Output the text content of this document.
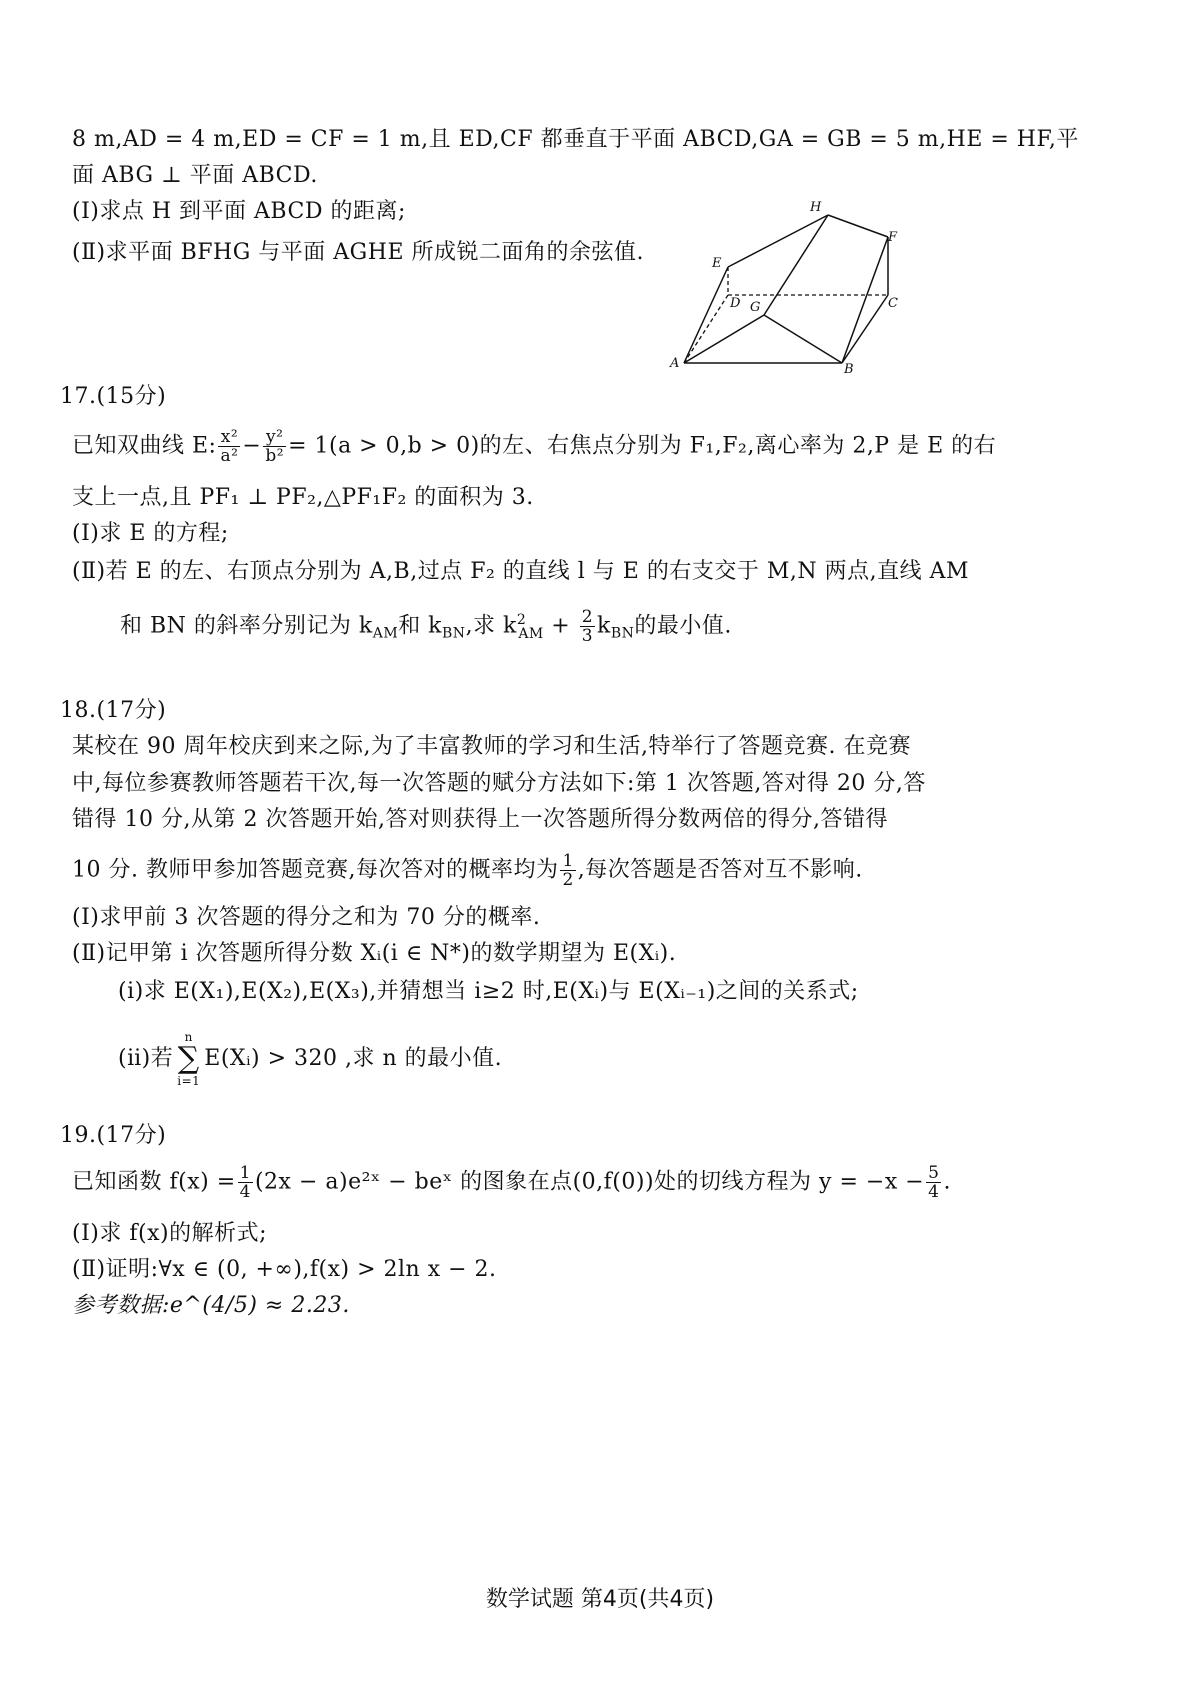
8 m,AD = 4 m,ED = CF = 1 m,且 ED,CF 都垂直于平面 ABCD,GA = GB = 5 m,HE = HF,平
面 ABG ⊥ 平面 ABCD.
(Ⅰ)求点 H 到平面 ABCD 的距离;
(Ⅱ)求平面 BFHG 与平面 AGHE 所成锐二面角的余弦值.
H
E
F
D G	C
A	B
17.(15分)
已知双曲线 E: $\frac{\text{x²}}{\text{a²}} - \frac{\text{y²}}{\text{b²}} = 1(a > 0,b > 0)$的左、右焦点分别为 F₁,F₂,离心率为 2,P 是 E 的右
支上一点,且 PF₁ ⊥ PF₂,△PF₁F₂ 的面积为 3.
(Ⅰ)求 E 的方程;
(Ⅱ)若 E 的左、右顶点分别为 A,B,过点 F₂ 的直线 l 与 E 的右支交于 M,N 两点,直线 AM
和 BN 的斜率分别记为 $k_{AM}$和 $k_{BN}$,求 $k^2_{AM} + \frac{2}{3} k_{BN}$的最小值.
18.(17分)
某校在 90 周年校庆到来之际,为了丰富教师的学习和生活,特举行了答题竞赛. 在竞赛
中,每位参赛教师答题若干次,每一次答题的赋分方法如下:第 1 次答题,答对得 20 分,答
错得 10 分,从第 2 次答题开始,答对则获得上一次答题所得分数两倍的得分,答错得
10 分. 教师甲参加答题竞赛,每次答对的概率均为 $\frac{1}{2}$ ,每次答题是否答对互不影响.
(Ⅰ)求甲前 3 次答题的得分之和为 70 分的概率.
(Ⅱ)记甲第 i 次答题所得分数 Xᵢ(i ∈ N*)的数学期望为 E(Xᵢ).
(ⅰ)求 E(X₁),E(X₂),E(X₃),并猜想当 i≥2 时,E(Xᵢ)与 E(Xᵢ₋₁)之间的关系式;
(ⅱ)若
n
∑
i=1
E(Xᵢ) > 320 ,求 n 的最小值.
19.(17分)
已知函数 $f(x) = \frac{1}{4} (2x$ − a)e²ˣ − beˣ 的图象在点(0,f(0))处的切线方程为 $y = -x - \frac{5}{4}$ .
(Ⅰ)求 f(x)的解析式;
(Ⅱ)证明:∀x ∈ (0, +∞),f(x) > 2ln x − 2.
参考数据:e^(4/5) ≈ 2.23.
数学试题 第4页(共4页)
